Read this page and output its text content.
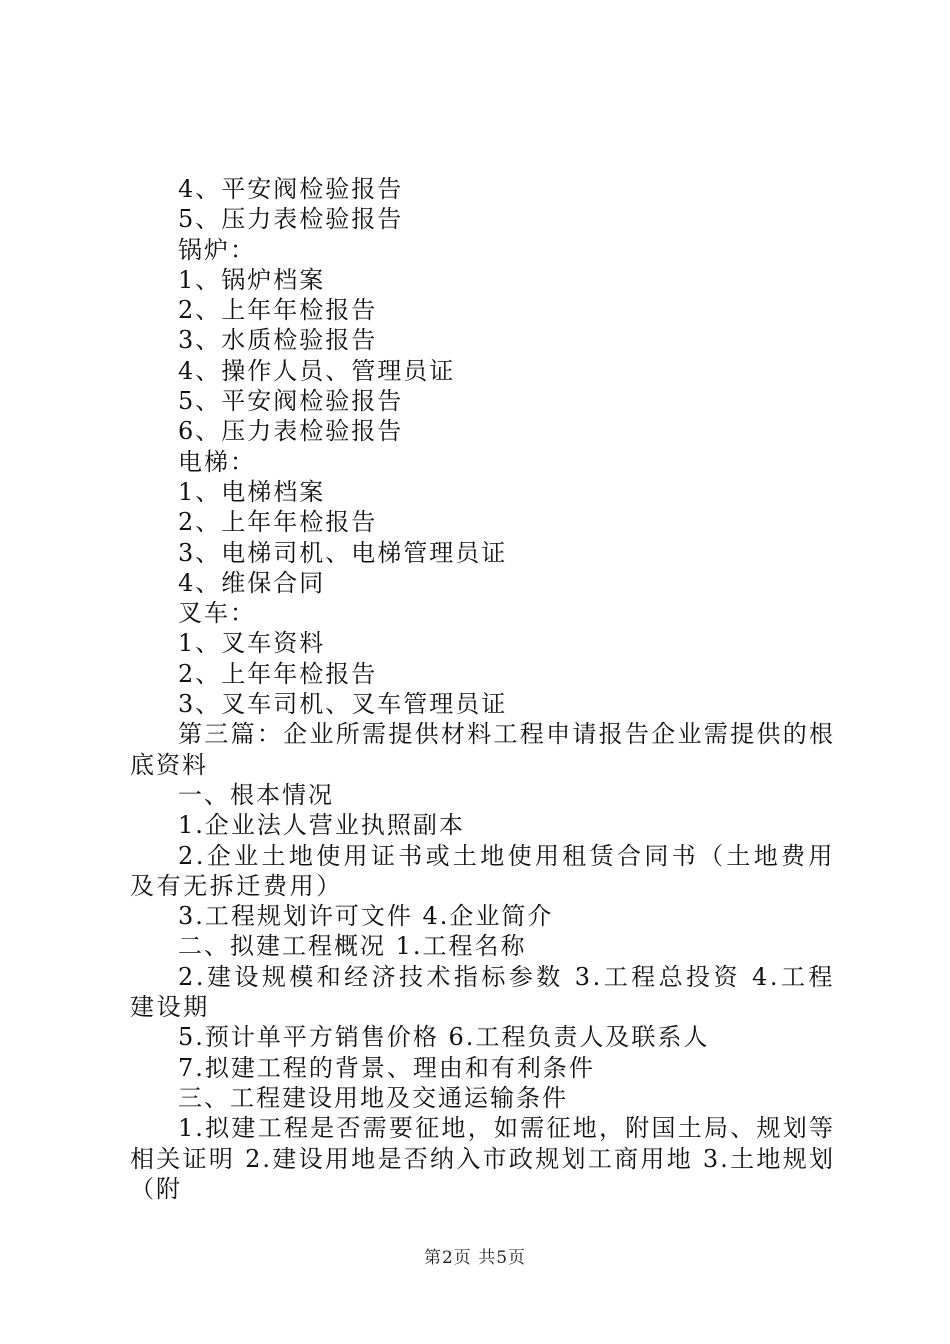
4、平安阀检验报告
5、压力表检验报告
锅炉：
1、锅炉档案
2、上年年检报告
3、水质检验报告
4、操作人员、管理员证
5、平安阀检验报告
6、压力表检验报告
电梯：
1、电梯档案
2、上年年检报告
3、电梯司机、电梯管理员证
4、维保合同
叉车：
1、叉车资料
2、上年年检报告
3、叉车司机、叉车管理员证
第三篇：企业所需提供材料工程申请报告企业需提供的根底资料
一、根本情况
1.企业法人营业执照副本
2.企业土地使用证书或土地使用租赁合同书（土地费用及有无拆迁费用）
3.工程规划许可文件 4.企业简介
二、拟建工程概况 1.工程名称
2.建设规模和经济技术指标参数 3.工程总投资 4.工程建设期
5.预计单平方销售价格 6.工程负责人及联系人
7.拟建工程的背景、理由和有利条件
三、工程建设用地及交通运输条件
1.拟建工程是否需要征地，如需征地，附国土局、规划等相关证明 2.建设用地是否纳入市政规划工商用地 3.土地规划（附
第2页 共5页
